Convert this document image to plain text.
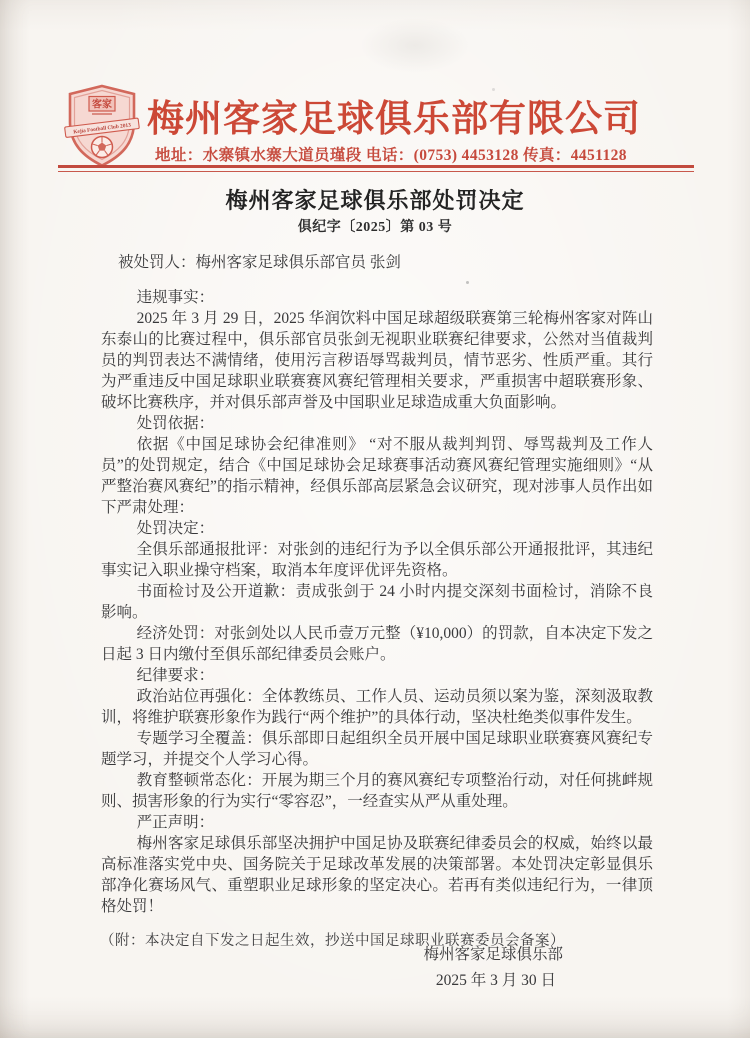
客家
Kejia Football Club 2013 梅州客家足球俱乐部有限公司
地址：水寨镇水寨大道员瑾段 电话：(0753) 4453128 传真：4451128
梅州客家足球俱乐部处罚决定
俱纪字〔2025〕第 03 号

被处罚人：梅州客家足球俱乐部官员 张剑

违规事实：

2025 年 3 月 29 日，2025 华润饮料中国足球超级联赛第三轮梅州客家对阵山东泰山的比赛过程中，俱乐部官员张剑无视职业联赛纪律要求，公然对当值裁判员的判罚表达不满情绪，使用污言秽语辱骂裁判员，情节恶劣、性质严重。其行为严重违反中国足球职业联赛赛风赛纪管理相关要求，严重损害中超联赛形象、破坏比赛秩序，并对俱乐部声誉及中国职业足球造成重大负面影响。

处罚依据：

依据《中国足球协会纪律准则》 “对不服从裁判判罚、辱骂裁判及工作人员”的处罚规定，结合《中国足球协会足球赛事活动赛风赛纪管理实施细则》“从严整治赛风赛纪”的指示精神，经俱乐部高层紧急会议研究，现对涉事人员作出如下严肃处理：

处罚决定：

全俱乐部通报批评：对张剑的违纪行为予以全俱乐部公开通报批评，其违纪事实记入职业操守档案，取消本年度评优评先资格。

书面检讨及公开道歉：责成张剑于 24 小时内提交深刻书面检讨，消除不良影响。

经济处罚：对张剑处以人民币壹万元整（¥10,000）的罚款，自本决定下发之日起 3 日内缴付至俱乐部纪律委员会账户。

纪律要求：

政治站位再强化：全体教练员、工作人员、运动员须以案为鉴，深刻汲取教训，将维护联赛形象作为践行“两个维护”的具体行动，坚决杜绝类似事件发生。

专题学习全覆盖：俱乐部即日起组织全员开展中国足球职业联赛赛风赛纪专题学习，并提交个人学习心得。

教育整顿常态化：开展为期三个月的赛风赛纪专项整治行动，对任何挑衅规则、损害形象的行为实行“零容忍”，一经查实从严从重处理。

严正声明：

梅州客家足球俱乐部坚决拥护中国足协及联赛纪律委员会的权威，始终以最高标准落实党中央、国务院关于足球改革发展的决策部署。本处罚决定彰显俱乐部净化赛场风气、重塑职业足球形象的坚定决心。若再有类似违纪行为，一律顶格处罚！

梅州客家足球俱乐部
2025 年 3 月 30 日

（附：本决定自下发之日起生效，抄送中国足球职业联赛委员会备案）
